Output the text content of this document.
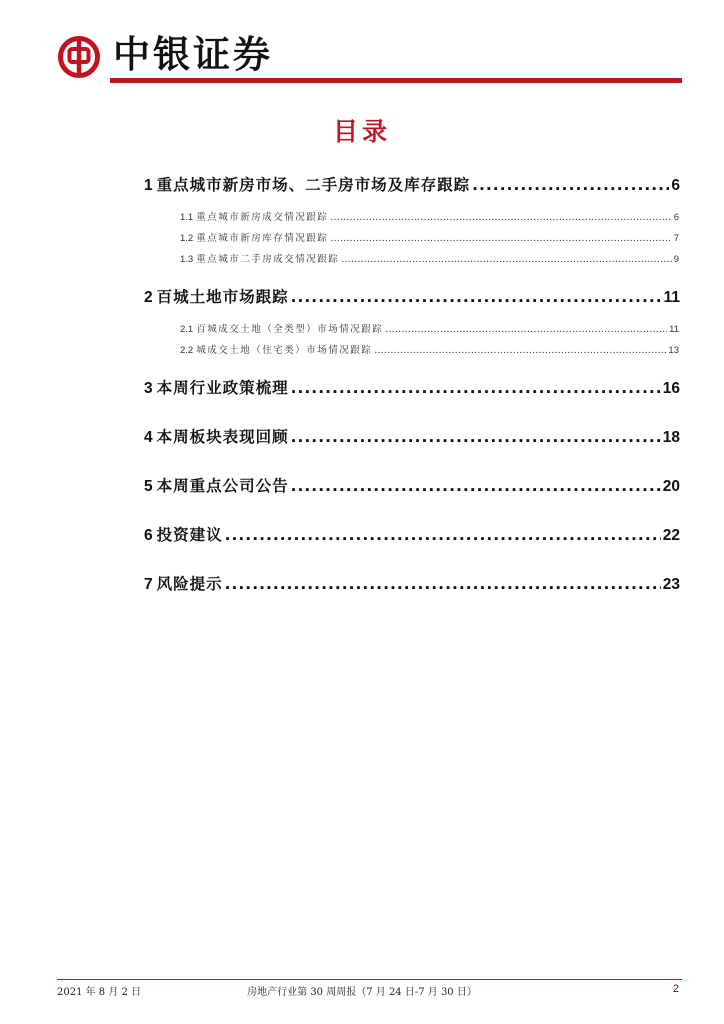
中银证券
目录
1 重点城市新房市场、二手房市场及库存跟踪 .....	6
1.1 重点城市新房成交情况跟踪 .....	6
1.2 重点城市新房库存情况跟踪 .....	7
1.3 重点城市二手房成交情况跟踪 .....	9
2 百城土地市场跟踪 .....	11
2.1 百城成交土地（全类型）市场情况跟踪 .....	11
2.2 城成交土地（住宅类）市场情况跟踪 .....	13
3 本周行业政策梳理 .....	16
4 本周板块表现回顾 .....	18
5 本周重点公司公告 .....	20
6 投资建议 .....	22
7 风险提示 .....	23
2021 年 8 月 2 日	房地产行业第 30 周周报（7 月 24 日-7 月 30 日）	2
